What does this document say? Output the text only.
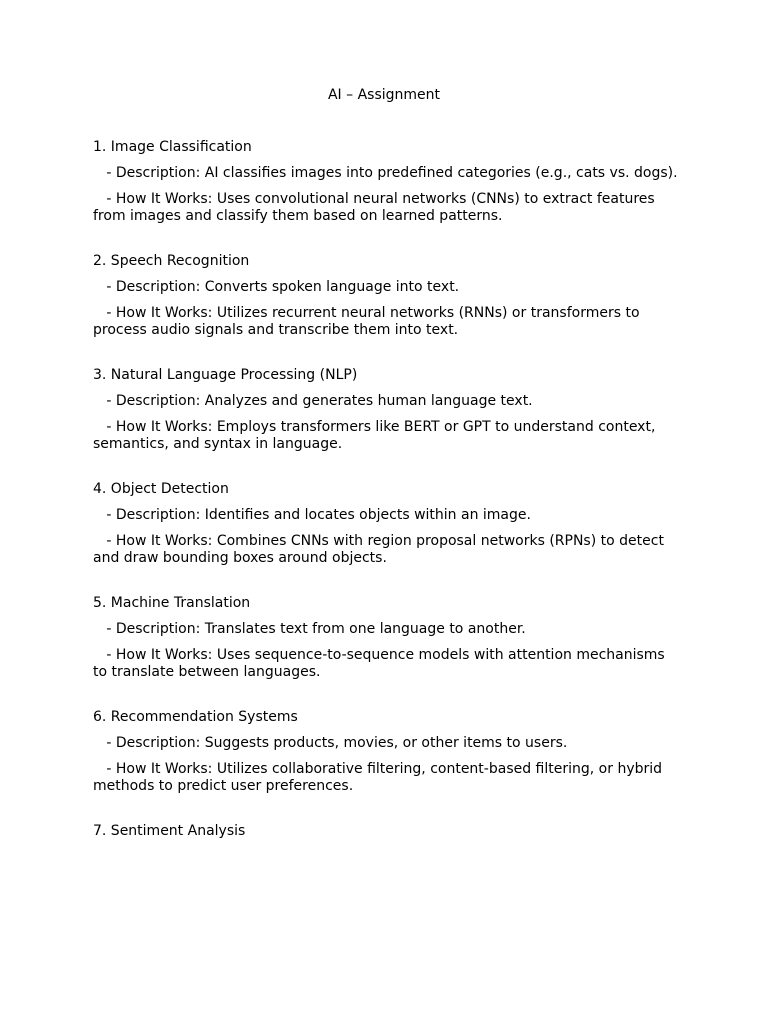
AI – Assignment

1. Image Classification

- Description: AI classifies images into predefined categories (e.g., cats vs. dogs).

- How It Works: Uses convolutional neural networks (CNNs) to extract features from images and classify them based on learned patterns.

2. Speech Recognition

- Description: Converts spoken language into text.

- How It Works: Utilizes recurrent neural networks (RNNs) or transformers to process audio signals and transcribe them into text.

3. Natural Language Processing (NLP)

- Description: Analyzes and generates human language text.

- How It Works: Employs transformers like BERT or GPT to understand context, semantics, and syntax in language.

4. Object Detection

- Description: Identifies and locates objects within an image.

- How It Works: Combines CNNs with region proposal networks (RPNs) to detect and draw bounding boxes around objects.

5. Machine Translation

- Description: Translates text from one language to another.

- How It Works: Uses sequence-to-sequence models with attention mechanisms to translate between languages.

6. Recommendation Systems

- Description: Suggests products, movies, or other items to users.

- How It Works: Utilizes collaborative filtering, content-based filtering, or hybrid methods to predict user preferences.

7. Sentiment Analysis
